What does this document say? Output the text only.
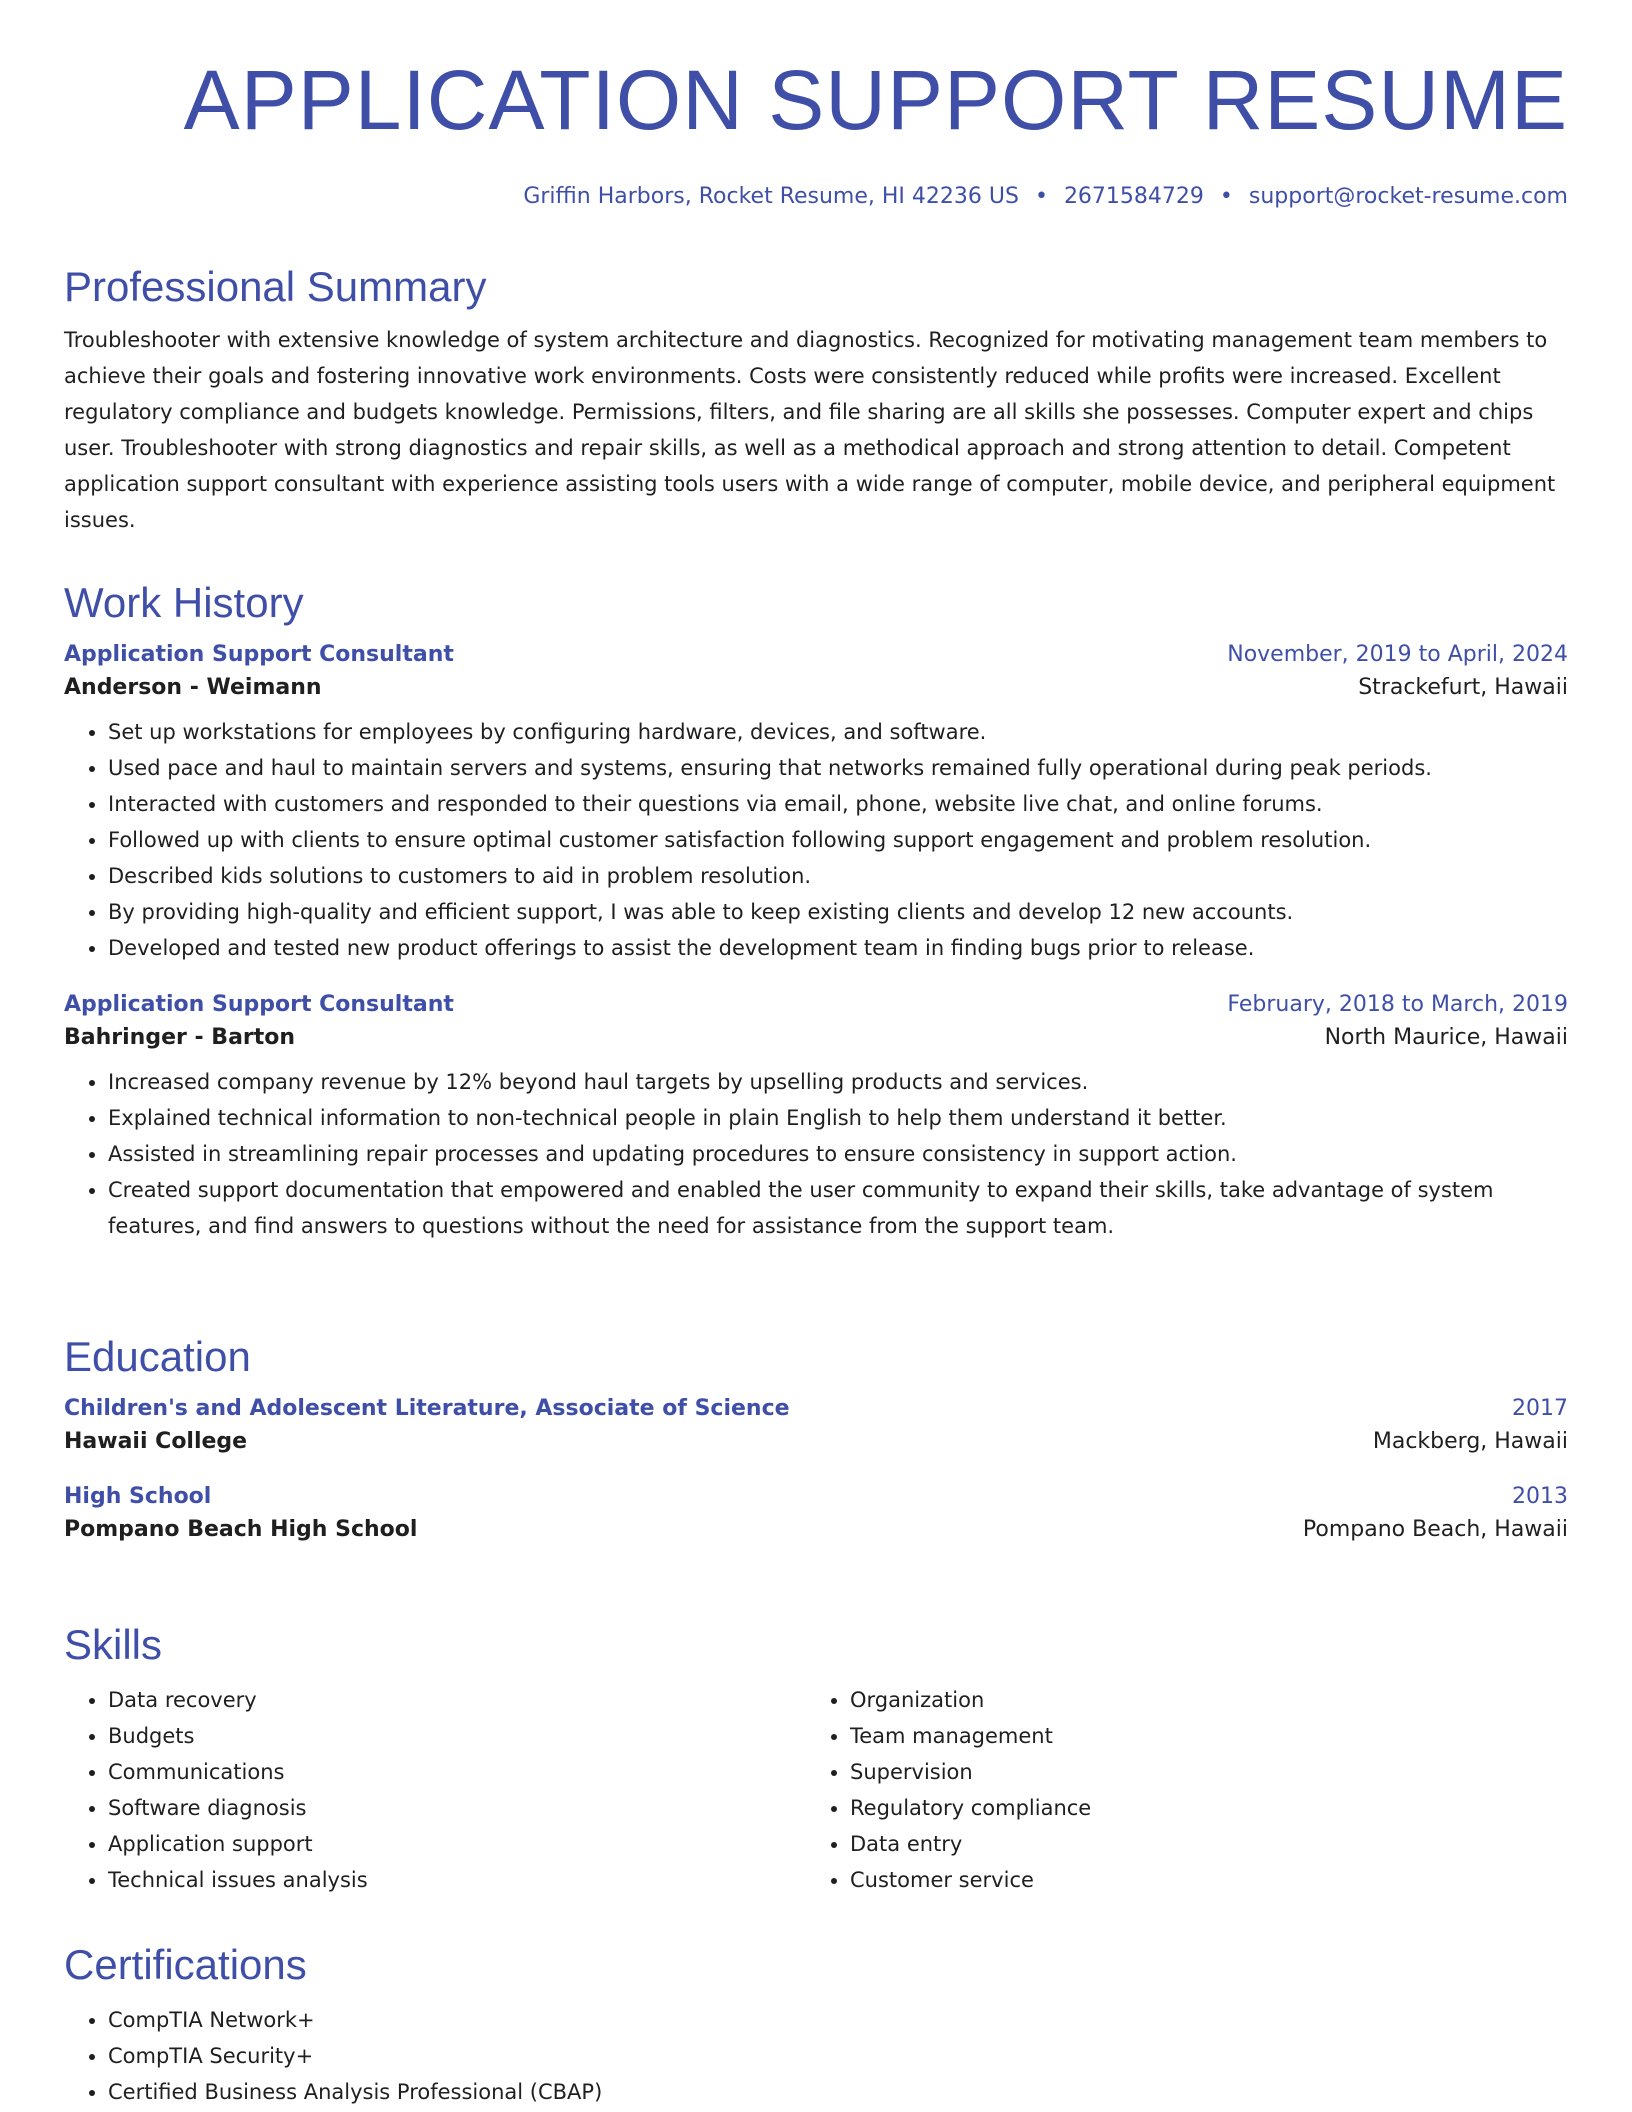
APPLICATION SUPPORT RESUME
Griffin Harbors, Rocket Resume, HI 42236 US • 2671584729 • support@rocket-resume.com
Professional Summary

Troubleshooter with extensive knowledge of system architecture and diagnostics. Recognized for motivating management team members to achieve their goals and fostering innovative work environments. Costs were consistently reduced while profits were increased. Excellent regulatory compliance and budgets knowledge. Permissions, filters, and file sharing are all skills she possesses. Computer expert and chips user. Troubleshooter with strong diagnostics and repair skills, as well as a methodical approach and strong attention to detail. Competent application support consultant with experience assisting tools users with a wide range of computer, mobile device, and peripheral equipment issues.

Work History
Application Support Consultant	November, 2019 to April, 2024
Anderson - Weimann	Strackefurt, Hawaii
• Set up workstations for employees by configuring hardware, devices, and software.
• Used pace and haul to maintain servers and systems, ensuring that networks remained fully operational during peak periods.
• Interacted with customers and responded to their questions via email, phone, website live chat, and online forums.
• Followed up with clients to ensure optimal customer satisfaction following support engagement and problem resolution.
• Described kids solutions to customers to aid in problem resolution.
• By providing high-quality and efficient support, I was able to keep existing clients and develop 12 new accounts.
• Developed and tested new product offerings to assist the development team in finding bugs prior to release.
Application Support Consultant	February, 2018 to March, 2019
Bahringer - Barton	North Maurice, Hawaii
• Increased company revenue by 12% beyond haul targets by upselling products and services.
• Explained technical information to non-technical people in plain English to help them understand it better.
• Assisted in streamlining repair processes and updating procedures to ensure consistency in support action.
• Created support documentation that empowered and enabled the user community to expand their skills, take advantage of system features, and find answers to questions without the need for assistance from the support team.
Education
Children's and Adolescent Literature, Associate of Science	2017
Hawaii College	Mackberg, Hawaii
High School	2013
Pompano Beach High School	Pompano Beach, Hawaii
Skills
• Data recovery
• Budgets
• Communications
• Software diagnosis
• Application support
• Technical issues analysis
• Organization
• Team management
• Supervision
• Regulatory compliance
• Data entry
• Customer service
Certifications
• CompTIA Network+
• CompTIA Security+
• Certified Business Analysis Professional (CBAP)
